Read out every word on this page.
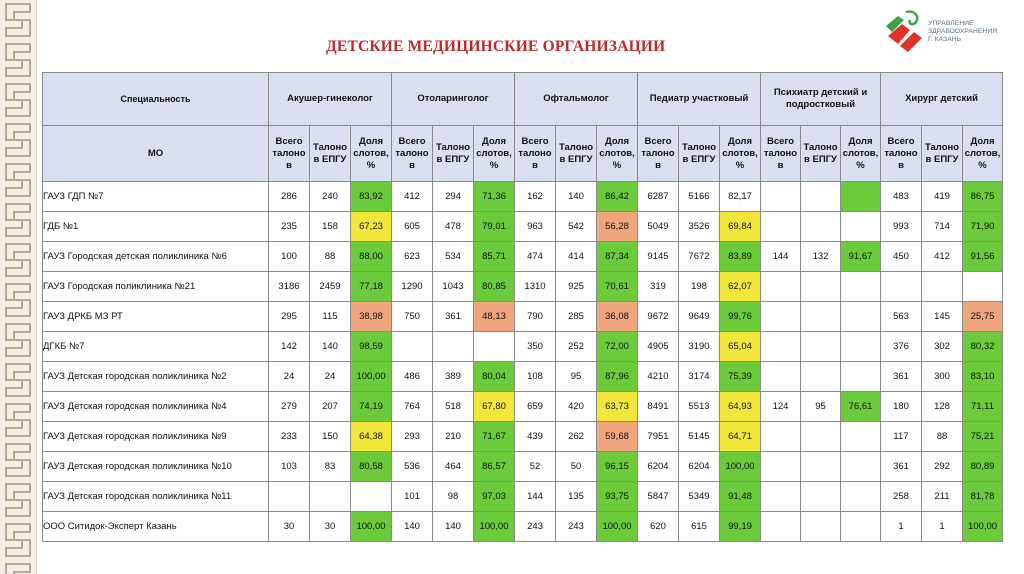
ДЕТСКИЕ МЕДИЦИНСКИЕ ОРГАНИЗАЦИИ
УПРАВЛЕНИЕ
ЗДРАВООХРАНЕНИЯ
Г. КАЗАНЬ
Специальность	Акушер-гинеколог			Отоларинголог			Офтальмолог			Педиатр участковый			Психиатр детский и подростковый			Хирург детский		
МО	Всего талоно в	Талоно в ЕПГУ	Доля слотов, %	Всего талоно в	Талоно в ЕПГУ	Доля слотов, %	Всего талоно в	Талоно в ЕПГУ	Доля слотов, %	Всего талоно в	Талоно в ЕПГУ	Доля слотов, %	Всего талоно в	Талоно в ЕПГУ	Доля слотов, %	Всего талоно в	Талоно в ЕПГУ	Доля слотов, %
ГАУЗ ГДП №7	286	240	83,92	412	294	71,36	162	140	86,42	6287	5166	82,17				483	419	86,75
ГДБ №1	235	158	67,23	605	478	79,01	963	542	56,28	5049	3526	69,84				993	714	71,90
ГАУЗ Городская детская поликлиника №6	100	88	88,00	623	534	85,71	474	414	87,34	9145	7672	83,89	144	132	91,67	450	412	91,56
ГАУЗ Городская поликлиника №21	3186	2459	77,18	1290	1043	80,85	1310	925	70,61	319	198	62,07						
ГАУЗ ДРКБ МЗ РТ	295	115	38,98	750	361	48,13	790	285	36,08	9672	9649	99,76				563	145	25,75
ДГКБ №7	142	140	98,59				350	252	72,00	4905	3190	65,04				376	302	80,32
ГАУЗ Детская городская поликлиника №2	24	24	100,00	486	389	80,04	108	95	87,96	4210	3174	75,39				361	300	83,10
ГАУЗ Детская городская поликлиника №4	279	207	74,19	764	518	67,80	659	420	63,73	8491	5513	64,93	124	95	76,61	180	128	71,11
ГАУЗ Детская городская поликлиника №9	233	150	64,38	293	210	71,67	439	262	59,68	7951	5145	64,71				117	88	75,21
ГАУЗ Детская городская поликлиника №10	103	83	80,58	536	464	86,57	52	50	96,15	6204	6204	100,00				361	292	80,89
ГАУЗ Детская городская поликлиника №11				101	98	97,03	144	135	93,75	5847	5349	91,48				258	211	81,78
ООО Ситидок-Эксперт Казань	30	30	100,00	140	140	100,00	243	243	100,00	620	615	99,19				1	1	100,00
